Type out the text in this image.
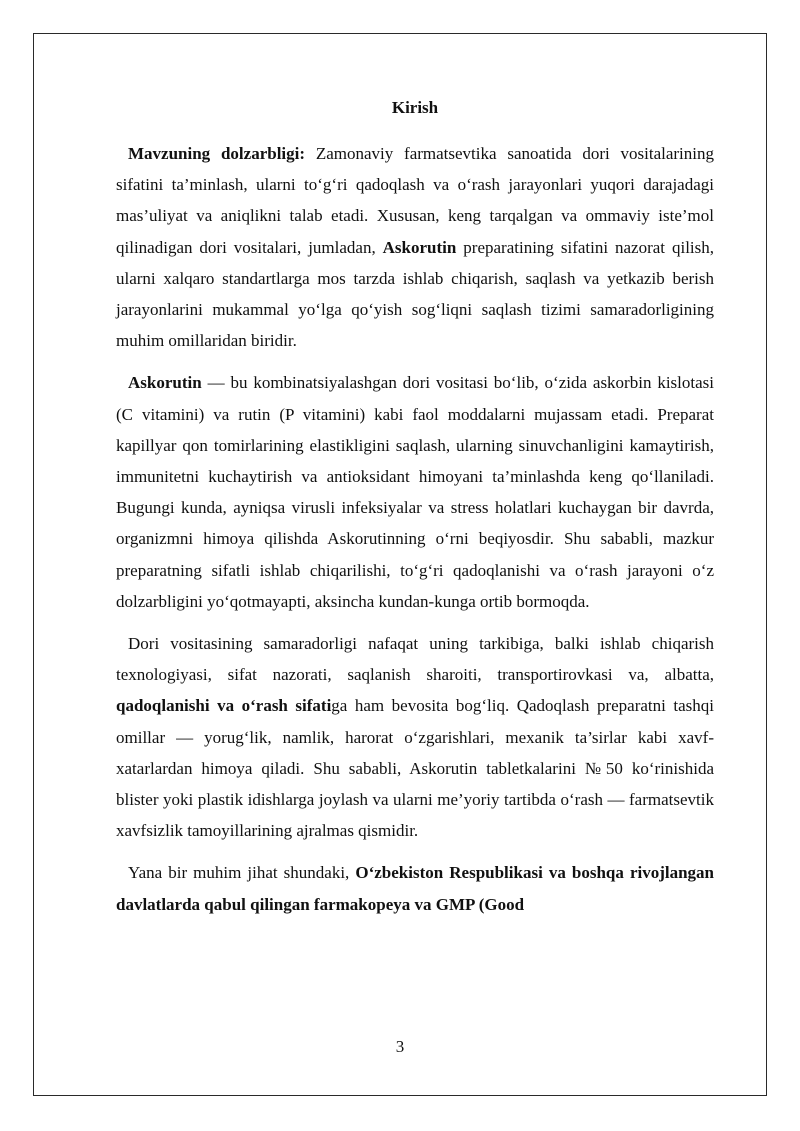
Kirish

Mavzuning dolzarbligi: Zamonaviy farmatsevtika sanoatida dori vositalarining sifatini ta’minlash, ularni to‘g‘ri qadoqlash va o‘rash jarayonlari yuqori darajadagi mas’uliyat va aniqlikni talab etadi. Xususan, keng tarqalgan va ommaviy iste’mol qilinadigan dori vositalari, jumladan, Askorutin preparatining sifatini nazorat qilish, ularni xalqaro standartlarga mos tarzda ishlab chiqarish, saqlash va yetkazib berish jarayonlarini mukammal yo‘lga qo‘yish sog‘liqni saqlash tizimi samaradorligining muhim omillaridan biridir.

Askorutin — bu kombinatsiyalashgan dori vositasi bo‘lib, o‘zida askorbin kislotasi (C vitamini) va rutin (P vitamini) kabi faol moddalarni mujassam etadi. Preparat kapillyar qon tomirlarining elastikligini saqlash, ularning sinuvchanligini kamaytirish, immunitetni kuchaytirish va antioksidant himoyani ta’minlashda keng qo‘llaniladi. Bugungi kunda, ayniqsa virusli infeksiyalar va stress holatlari kuchaygan bir davrda, organizmni himoya qilishda Askorutinning o‘rni beqiyosdir. Shu sababli, mazkur preparatning sifatli ishlab chiqarilishi, to‘g‘ri qadoqlanishi va o‘rash jarayoni o‘z dolzarbligini yo‘qotmayapti, aksincha kundan-kunga ortib bormoqda.

Dori vositasining samaradorligi nafaqat uning tarkibiga, balki ishlab chiqarish texnologiyasi, sifat nazorati, saqlanish sharoiti, transportirovkasi va, albatta, qadoqlanishi va o‘rash sifatiga ham bevosita bog‘liq. Qadoqlash preparatni tashqi omillar — yorug‘lik, namlik, harorat o‘zgarishlari, mexanik ta’sirlar kabi xavf-xatarlardan himoya qiladi. Shu sababli, Askorutin tabletkalarini №50 ko‘rinishida blister yoki plastik idishlarga joylash va ularni me’yoriy tartibda o‘rash — farmatsevtik xavfsizlik tamoyillarining ajralmas qismidir.

Yana bir muhim jihat shundaki, O‘zbekiston Respublikasi va boshqa rivojlangan davlatlarda qabul qilingan farmakopeya va GMP (Good

3
